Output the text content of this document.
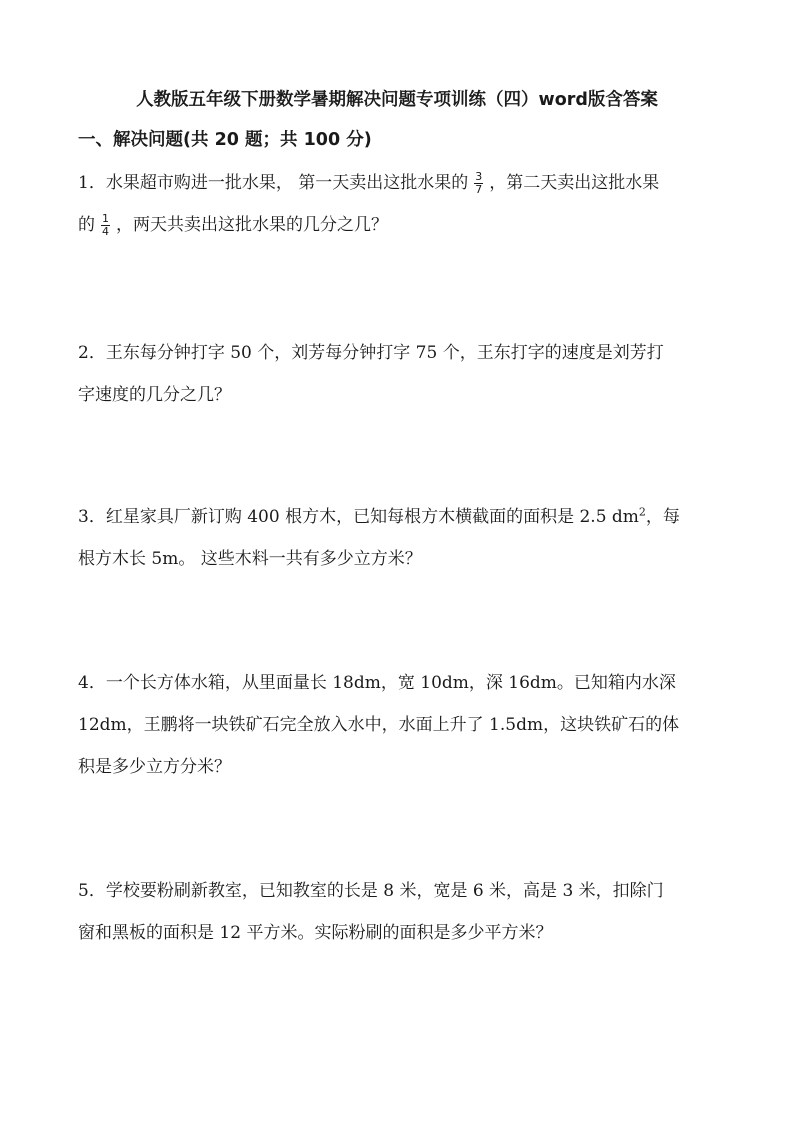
人教版五年级下册数学暑期解决问题专项训练（四）word版含答案
一、解决问题(共 20 题；共 100 分)
1．水果超市购进一批水果， 第一天卖出这批水果的 $\frac{3}{7}$ ，第二天卖出这批水果
的 $\frac{1}{4}$ ，两天共卖出这批水果的几分之几？
2．王东每分钟打字 50 个，刘芳每分钟打字 75 个，王东打字的速度是刘芳打
字速度的几分之几？
3．红星家具厂新订购 400 根方木，已知每根方木横截面的面积是 2.5 $dm^2$，每
根方木长 5m。 这些木料一共有多少立方米？
4．一个长方体水箱，从里面量长 18dm，宽 10dm，深 16dm。已知箱内水深
12dm，王鹏将一块铁矿石完全放入水中，水面上升了 1.5dm，这块铁矿石的体
积是多少立方分米？
5．学校要粉刷新教室，已知教室的长是 8 米，宽是 6 米，高是 3 米，扣除门
窗和黑板的面积是 12 平方米。实际粉刷的面积是多少平方米？
